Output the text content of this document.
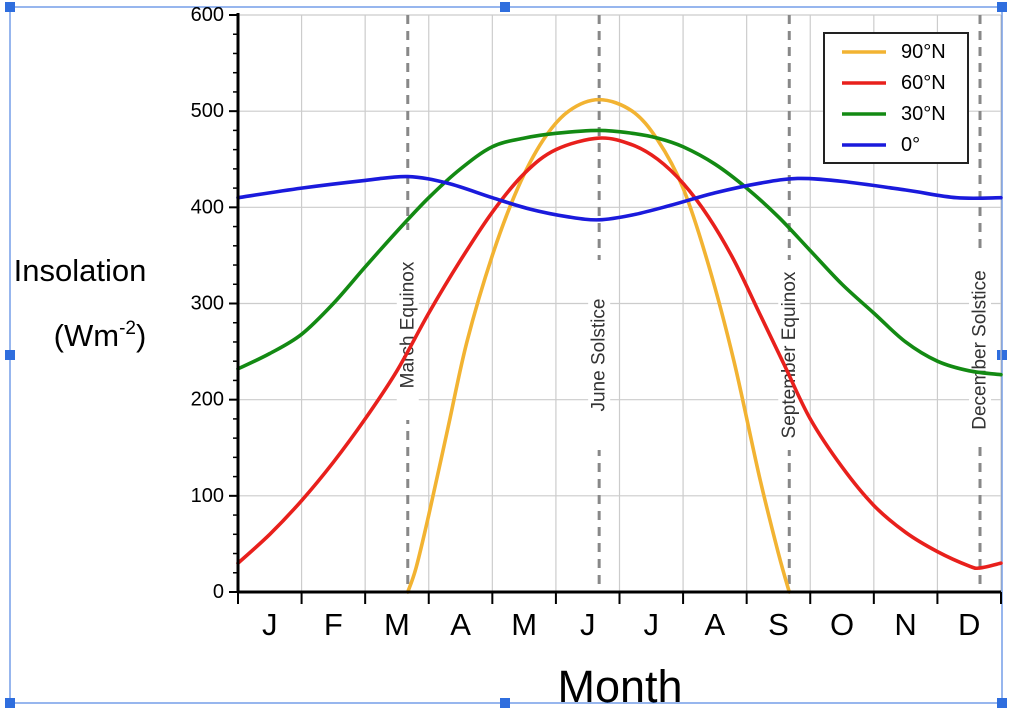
March Equinox	June Solstice	September Equinox	December Solstice
0
100
200
300
400
500
600
J F M A M J J A S O N D
Insolation
$(Wm^{-2})$
Month
90°N
60°N
30°N
0°
